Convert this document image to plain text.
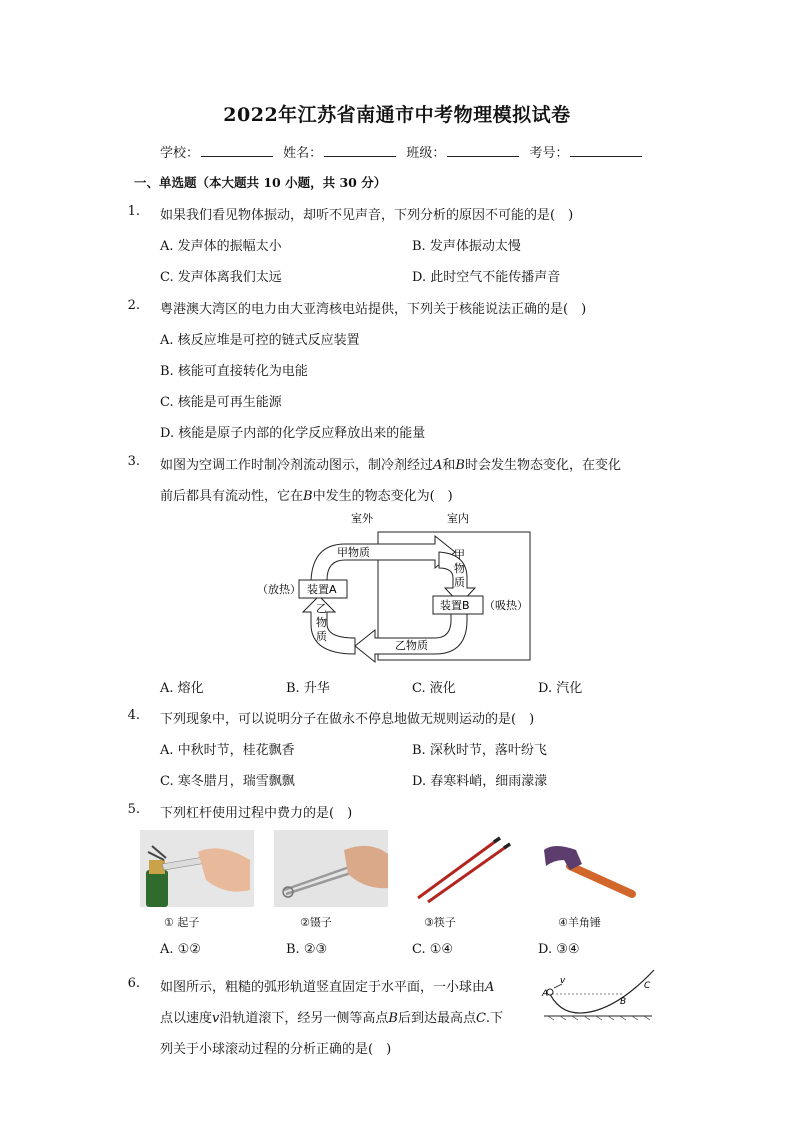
2022年江苏省南通市中考物理模拟试卷
学校：	姓名：	班级：	考号：
一、单选题（本大题共 10 小题，共 30 分）
1. 如果我们看见物体振动，却听不见声音，下列分析的原因不可能的是(　)
A. 发声体的振幅太小	B. 发声体振动太慢
C. 发声体离我们太远	D. 此时空气不能传播声音
2. 粤港澳大湾区的电力由大亚湾核电站提供，下列关于核能说法正确的是(　)
A. 核反应堆是可控的链式反应装置
B. 核能可直接转化为电能
C. 核能是可再生能源
D. 核能是原子内部的化学反应释放出来的能量
3. 如图为空调工作时制冷剂流动图示，制冷剂经过A和B时会发生物态变化，在变化
前后都具有流动性，它在B中发生的物态变化为(　)
室外	室内
装置A
装置B
（放热）
（吸热）
甲物质	甲
物
质
乙物质
乙
物
质
A. 熔化	B. 升华	C. 液化	D. 汽化
4. 下列现象中，可以说明分子在做永不停息地做无规则运动的是(　)
A. 中秋时节，桂花飘香	B. 深秋时节，落叶纷飞
C. 寒冬腊月，瑞雪飘飘	D. 春寒料峭，细雨濛濛
5. 下列杠杆使用过程中费力的是(　)
① 起子	②镊子	③筷子	④羊角锤
A. ①②	B. ②③	C. ①④	D. ③④
6. 如图所示，粗糙的弧形轨道竖直固定于水平面，一小球由A
点以速度v沿轨道滚下，经另一侧等高点B后到达最高点C.下
列关于小球滚动过程的分析正确的是(　)
A
v
B
C
